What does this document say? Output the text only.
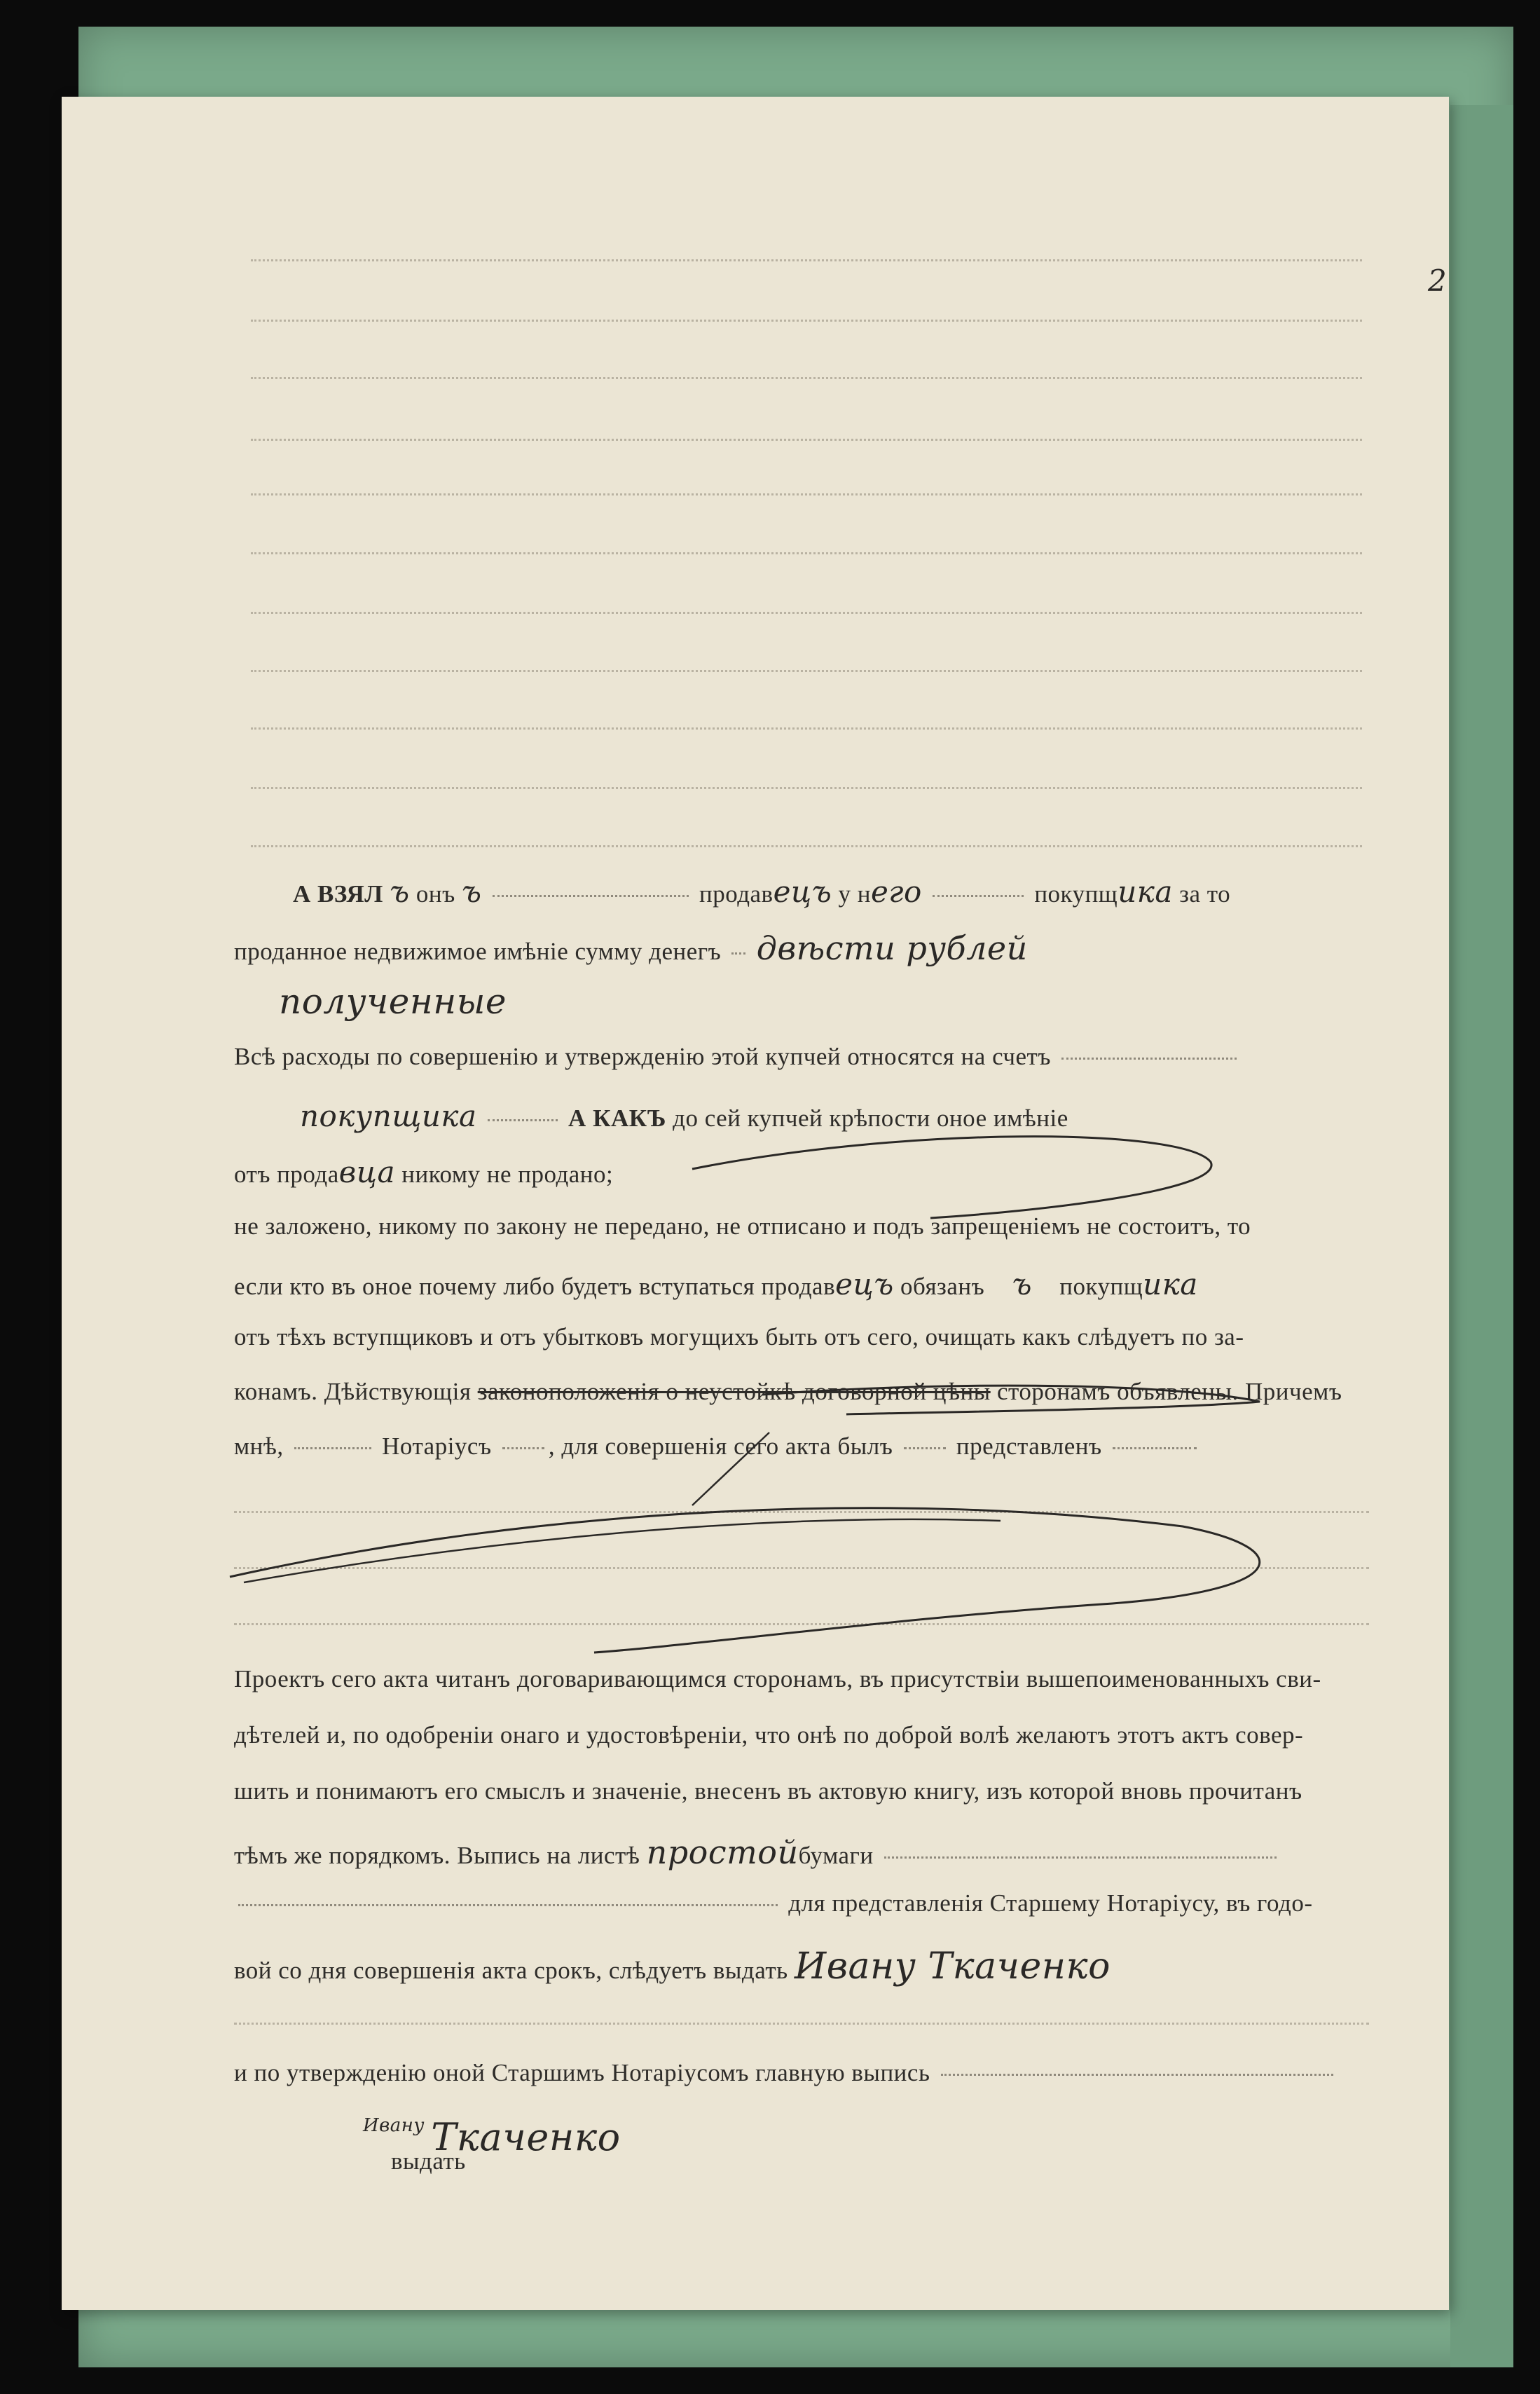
2
А ВЗЯЛ ъ онъ ъ	продавецъ у него	покупщика за то
проданное недвижимое имѣніе сумму денегъ двѣсти рублей
полученные
Всѣ расходы по совершенію и утвержденію этой купчей относятся на счетъ
покупщика	А КАКЪ до сей купчей крѣпости оное имѣніе
отъ продавца никому не продано;
не заложено, никому по закону не передано, не отписано и подъ запрещеніемъ не состоитъ, то
если кто въ оное почему либо будетъ вступаться продавецъ обязанъ ъ покупщика
отъ тѣхъ вступщиковъ и отъ убытковъ могущихъ быть отъ сего, очищать какъ слѣдуетъ по за-
конамъ. Дѣйствующія законоположенія о неустойкѣ договорной цѣны сторонамъ объявлены. Причемъ
мнѣ,	Нотаріусъ , для совершенія сего акта былъ	представленъ
Проектъ сего акта читанъ договаривающимся сторонамъ, въ присутствіи вышепоименованныхъ сви-
дѣтелей и, по одобреніи онаго и удостовѣреніи, что онѣ по доброй волѣ желаютъ этотъ актъ совер-
шить и понимаютъ его смыслъ и значеніе, внесенъ въ актовую книгу, изъ которой вновь прочитанъ
тѣмъ же порядкомъ. Выпись на листѣ простойбумаги
для представленія Старшему Нотаріусу, въ годо-
вой со дня совершенія акта срокъ, слѣдуетъ выдать Ивану Ткаченко
и по утвержденію оной Старшимъ Нотаріусомъ главную выпись
Ивану Ткаченко
выдать
